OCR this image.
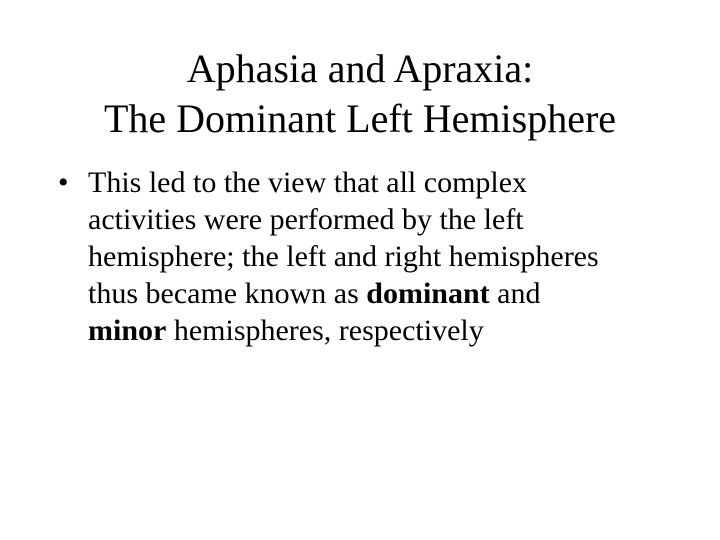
Aphasia and Apraxia:
The Dominant Left Hemisphere
• This led to the view that all complex
activities were performed by the left
hemisphere; the left and right hemispheres
thus became known as dominant and
minor hemispheres, respectively
